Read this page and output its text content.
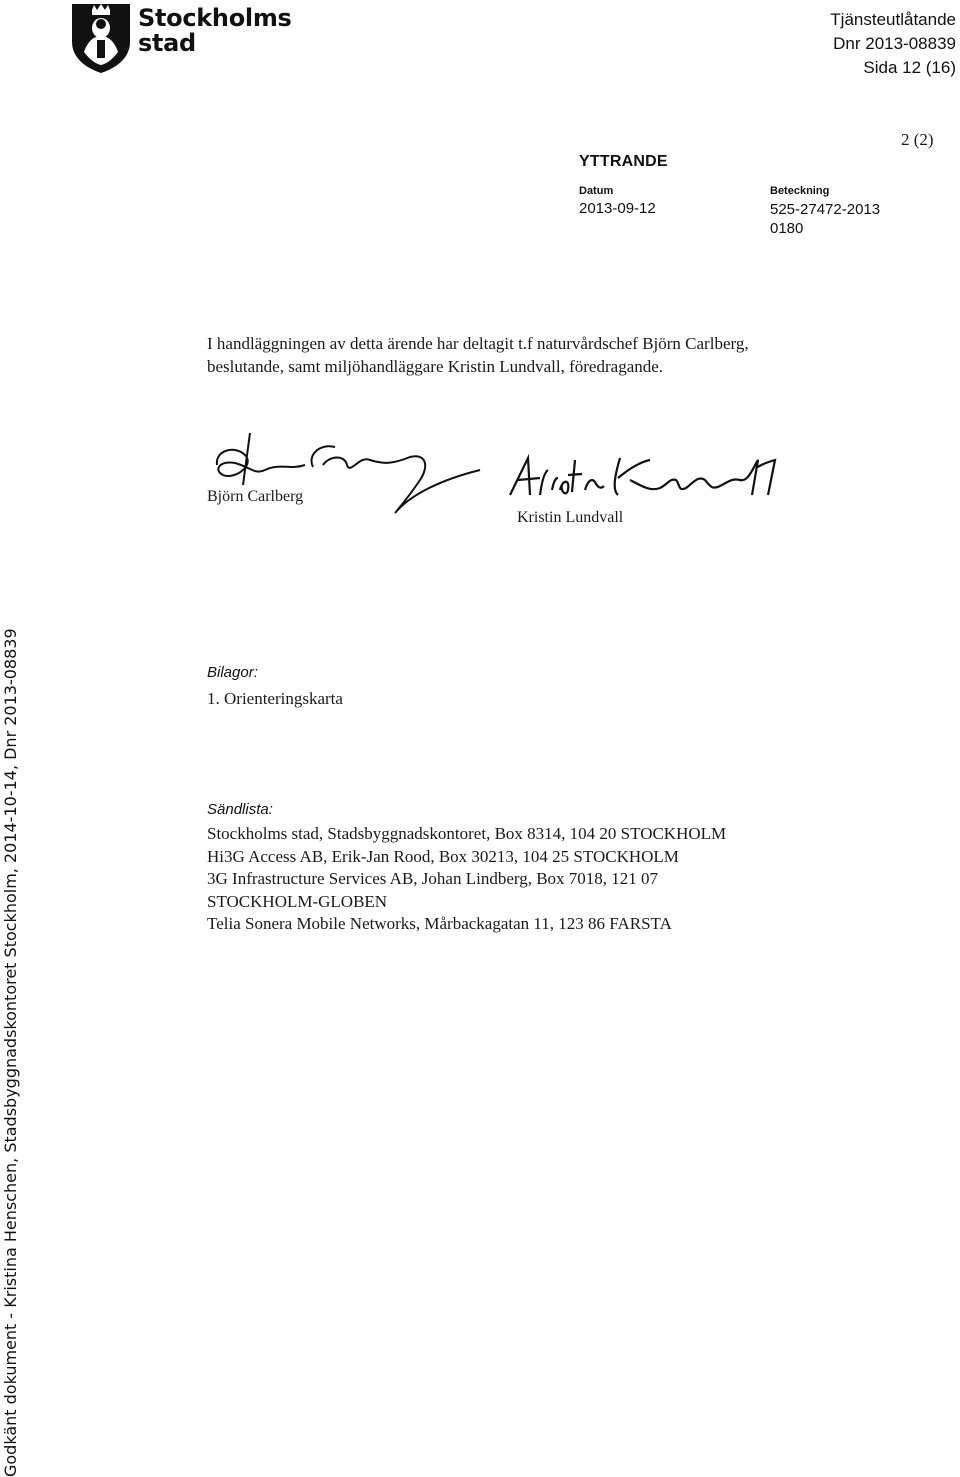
Stockholms
stad
Tjänsteutlåtande
Dnr 2013-08839
Sida 12 (16)
2 (2)
YTTRANDE
Datum
2013-09-12
Beteckning
525-27472-2013
0180
I handläggningen av detta ärende har deltagit t.f naturvårdschef Björn Carlberg,
beslutande, samt miljöhandläggare Kristin Lundvall, föredragande.
Björn Carlberg
Kristin Lundvall
Bilagor:
1. Orienteringskarta
Sändlista:
Stockholms stad, Stadsbyggnadskontoret, Box 8314, 104 20 STOCKHOLM
Hi3G Access AB, Erik-Jan Rood, Box 30213, 104 25 STOCKHOLM
3G Infrastructure Services AB, Johan Lindberg, Box 7018, 121 07
STOCKHOLM-GLOBEN
Telia Sonera Mobile Networks, Mårbackagatan 11, 123 86 FARSTA
Godkänt dokument - Kristina Henschen, Stadsbyggnadskontoret Stockholm, 2014-10-14, Dnr 2013-08839
